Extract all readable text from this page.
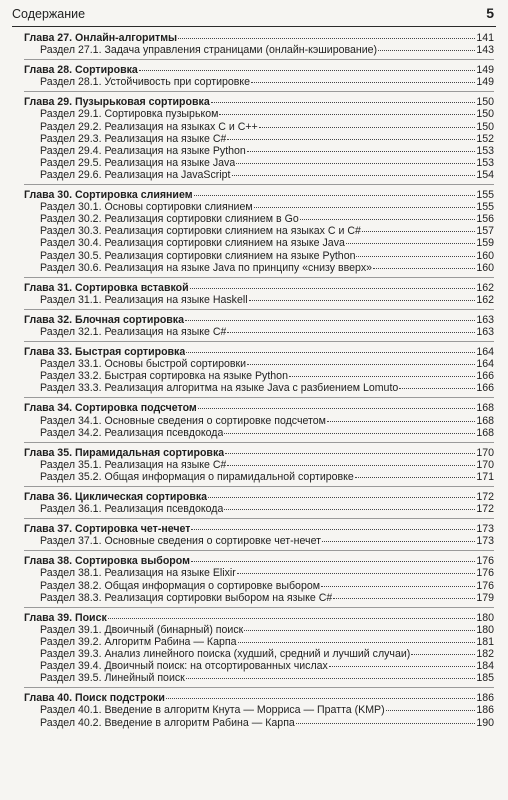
Содержание	5
Глава 27. Онлайн-алгоритмы	141
Раздел 27.1. Задача управления страницами (онлайн-кэширование)	143
Глава 28. Сортировка	149
Раздел 28.1. Устойчивость при сортировке	149
Глава 29. Пузырьковая сортировка	150
Раздел 29.1. Сортировка пузырьком	150
Раздел 29.2. Реализация на языках С и С++	150
Раздел 29.3. Реализация на языке С#	152
Раздел 29.4. Реализация на языке Python	153
Раздел 29.5. Реализация на языке Java	153
Раздел 29.6. Реализация на JavaScript	154
Глава 30. Сортировка слиянием	155
Раздел 30.1. Основы сортировки слиянием	155
Раздел 30.2. Реализация сортировки слиянием в Go	156
Раздел 30.3. Реализация сортировки слиянием на языках С и С#	157
Раздел 30.4. Реализация сортировки слиянием на языке Java	159
Раздел 30.5. Реализация сортировки слиянием на языке Python	160
Раздел 30.6. Реализация на языке Java по принципу «снизу вверх»	160
Глава 31. Сортировка вставкой	162
Раздел 31.1. Реализация на языке Haskell	162
Глава 32. Блочная сортировка	163
Раздел 32.1. Реализация на языке С#	163
Глава 33. Быстрая сортировка	164
Раздел 33.1. Основы быстрой сортировки	164
Раздел 33.2. Быстрая сортировка на языке Python	166
Раздел 33.3. Реализация алгоритма на языке Java с разбиением Lomuto	166
Глава 34. Сортировка подсчетом	168
Раздел 34.1. Основные сведения о сортировке подсчетом	168
Раздел 34.2. Реализация псевдокода	168
Глава 35. Пирамидальная сортировка	170
Раздел 35.1. Реализация на языке С#	170
Раздел 35.2. Общая информация о пирамидальной сортировке	171
Глава 36. Циклическая сортировка	172
Раздел 36.1. Реализация псевдокода	172
Глава 37. Сортировка чет-нечет	173
Раздел 37.1. Основные сведения о сортировке чет-нечет	173
Глава 38. Сортировка выбором	176
Раздел 38.1. Реализация на языке Elixir	176
Раздел 38.2. Общая информация о сортировке выбором	176
Раздел 38.3. Реализация сортировки выбором на языке С#	179
Глава 39. Поиск	180
Раздел 39.1. Двоичный (бинарный) поиск	180
Раздел 39.2. Алгоритм Рабина — Карпа	181
Раздел 39.3. Анализ линейного поиска (худший, средний и лучший случаи)	182
Раздел 39.4. Двоичный поиск: на отсортированных числах	184
Раздел 39.5. Линейный поиск	185
Глава 40. Поиск подстроки	186
Раздел 40.1. Введение в алгоритм Кнута — Морриса — Пратта (KMP)	186
Раздел 40.2. Введение в алгоритм Рабина — Карпа	190
